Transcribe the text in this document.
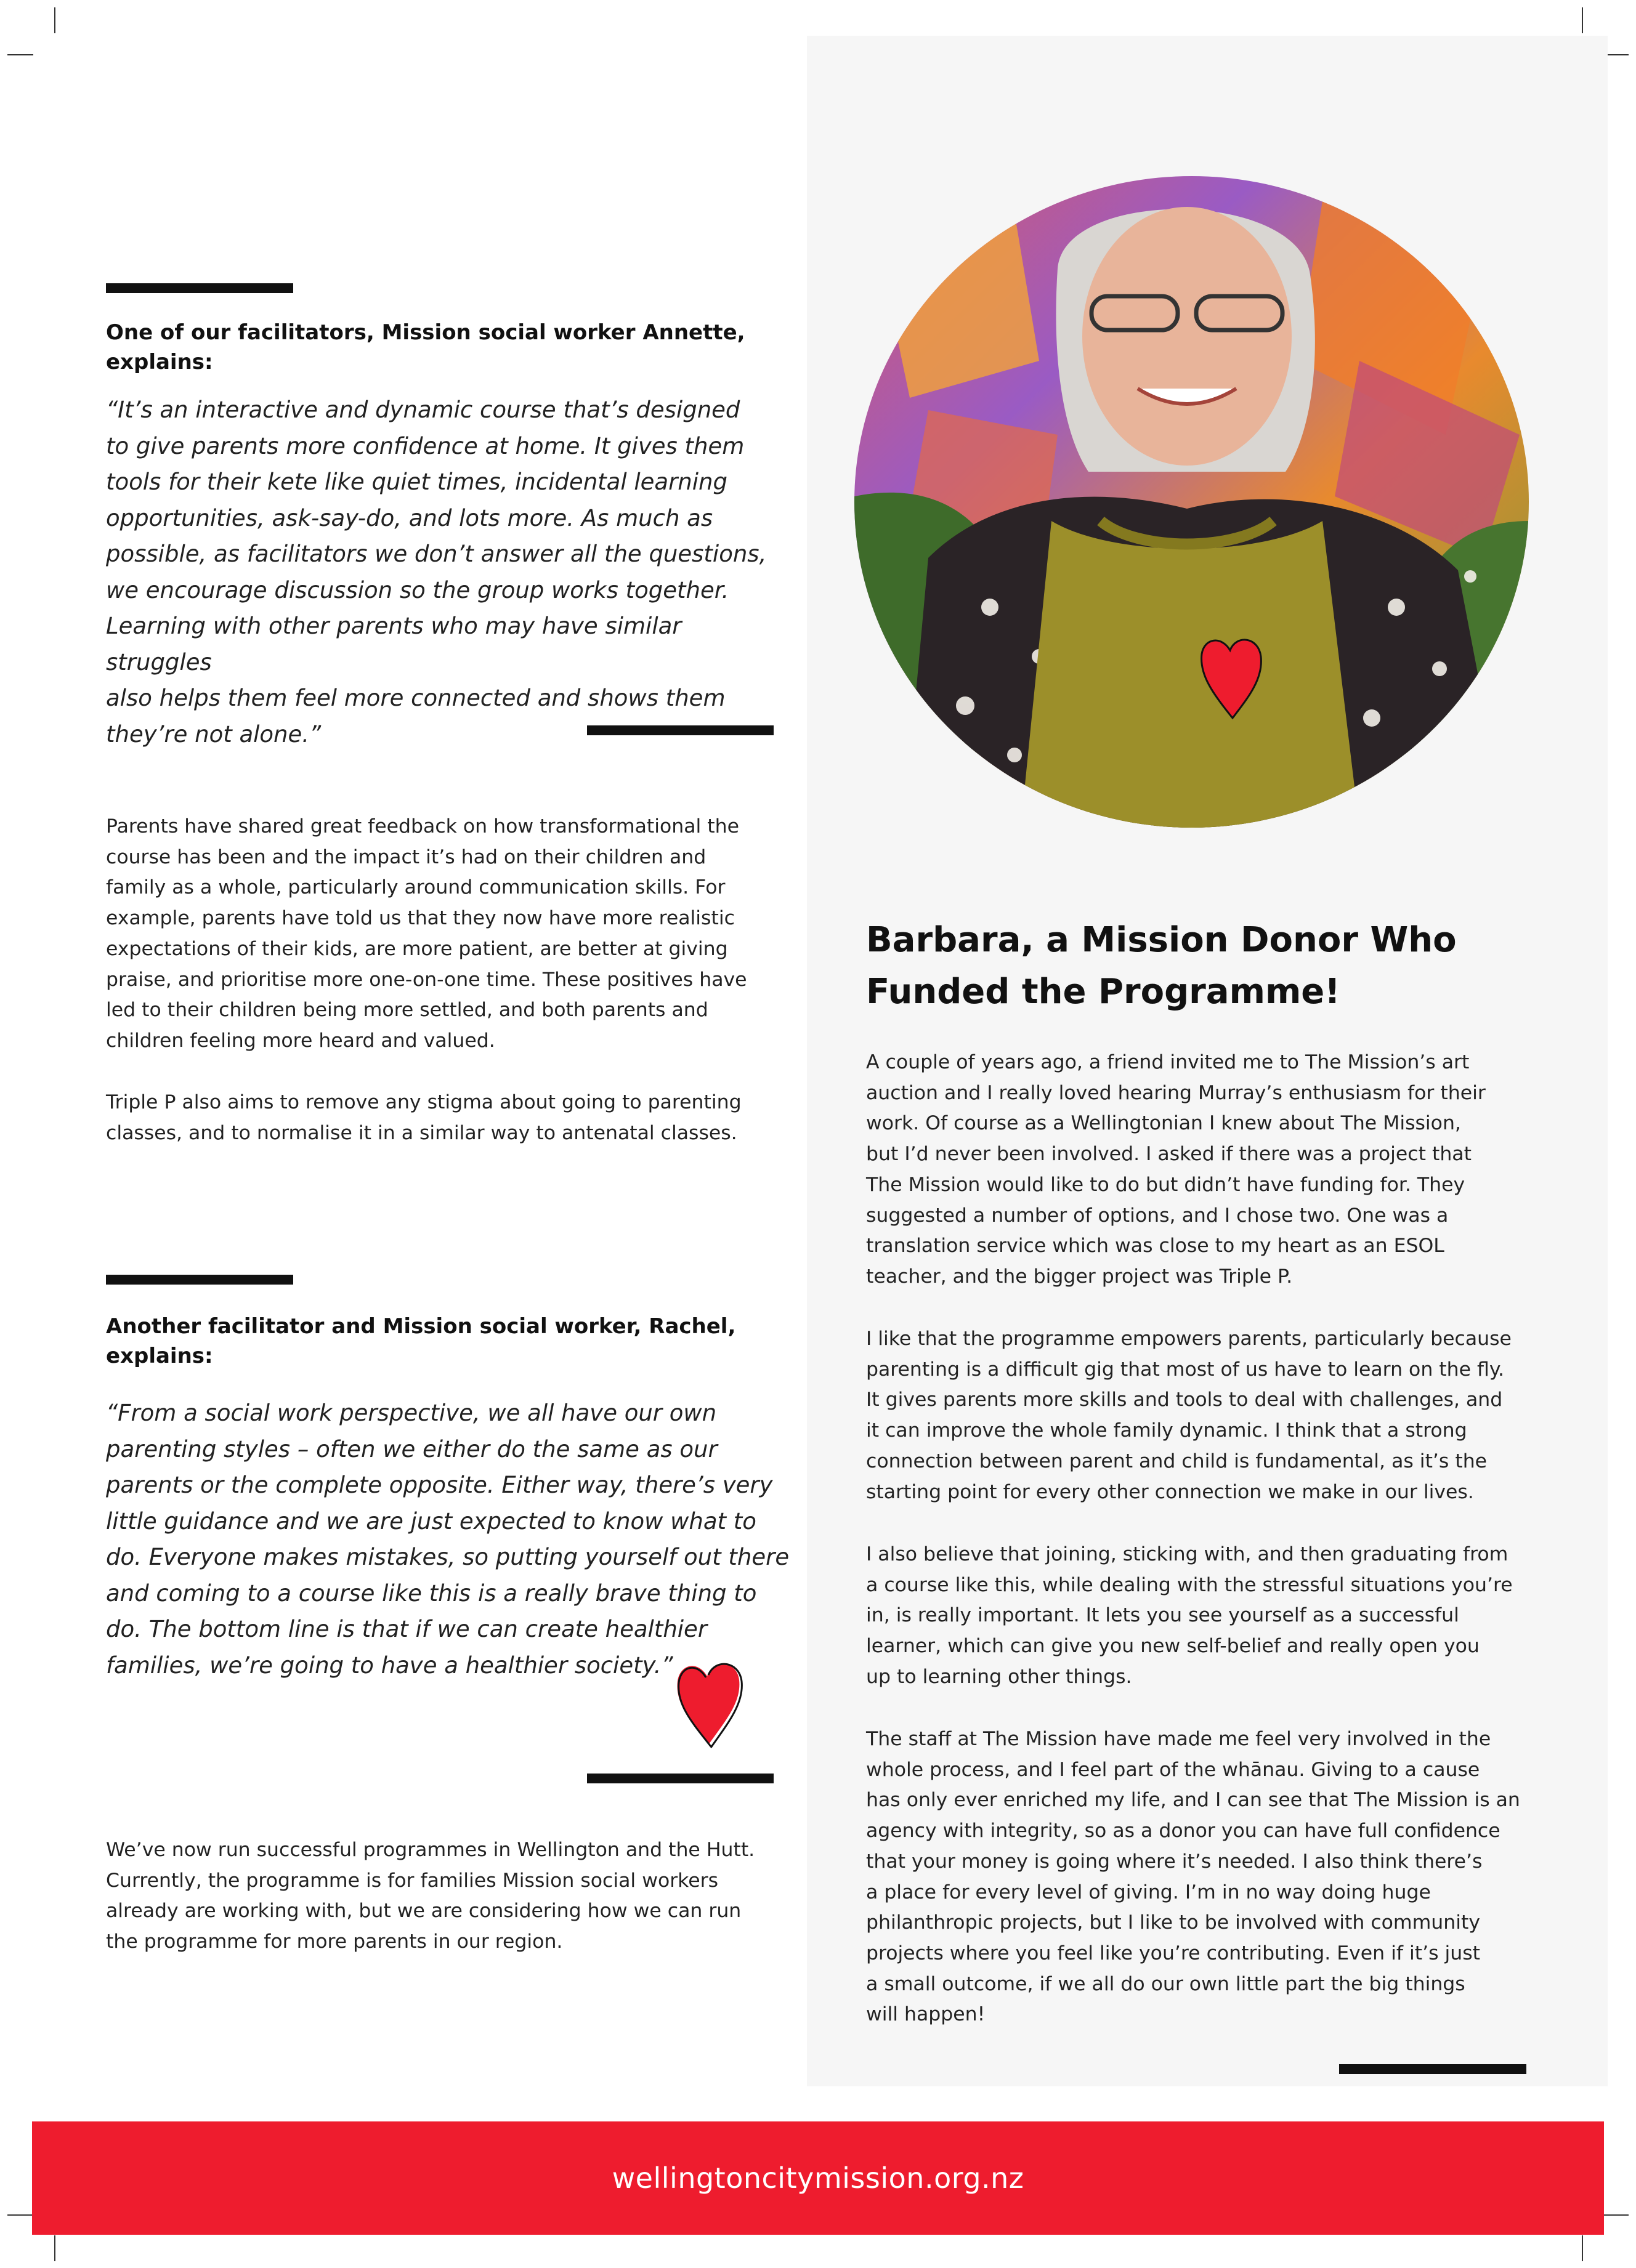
One of our facilitators, Mission social worker Annette, explains:
“It’s an interactive and dynamic course that’s designed
to give parents more confidence at home. It gives them
tools for their kete like quiet times, incidental learning
opportunities, ask-say-do, and lots more. As much as
possible, as facilitators we don’t answer all the questions,
we encourage discussion so the group works together.
Learning with other parents who may have similar struggles
also helps them feel more connected and shows them
they’re not alone.”
Parents have shared great feedback on how transformational the
course has been and the impact it’s had on their children and
family as a whole, particularly around communication skills. For
example, parents have told us that they now have more realistic
expectations of their kids, are more patient, are better at giving
praise, and prioritise more one-on-one time. These positives have
led to their children being more settled, and both parents and
children feeling more heard and valued.
Triple P also aims to remove any stigma about going to parenting
classes, and to normalise it in a similar way to antenatal classes.
Another facilitator and Mission social worker, Rachel, explains:
“From a social work perspective, we all have our own
parenting styles – often we either do the same as our
parents or the complete opposite. Either way, there’s very
little guidance and we are just expected to know what to
do. Everyone makes mistakes, so putting yourself out there
and coming to a course like this is a really brave thing to
do. The bottom line is that if we can create healthier
families, we’re going to have a healthier society.”
We’ve now run successful programmes in Wellington and the Hutt.
Currently, the programme is for families Mission social workers
already are working with, but we are considering how we can run
the programme for more parents in our region.
Barbara, a Mission Donor Who
Funded the Programme!
A couple of years ago, a friend invited me to The Mission’s art
auction and I really loved hearing Murray’s enthusiasm for their
work. Of course as a Wellingtonian I knew about The Mission,
but I’d never been involved. I asked if there was a project that
The Mission would like to do but didn’t have funding for. They
suggested a number of options, and I chose two. One was a
translation service which was close to my heart as an ESOL
teacher, and the bigger project was Triple P.
I like that the programme empowers parents, particularly because
parenting is a difficult gig that most of us have to learn on the fly.
It gives parents more skills and tools to deal with challenges, and
it can improve the whole family dynamic. I think that a strong
connection between parent and child is fundamental, as it’s the
starting point for every other connection we make in our lives.
I also believe that joining, sticking with, and then graduating from
a course like this, while dealing with the stressful situations you’re
in, is really important. It lets you see yourself as a successful
learner, which can give you new self-belief and really open you
up to learning other things.
The staff at The Mission have made me feel very involved in the
whole process, and I feel part of the whānau. Giving to a cause
has only ever enriched my life, and I can see that The Mission is an
agency with integrity, so as a donor you can have full confidence
that your money is going where it’s needed. I also think there’s
a place for every level of giving. I’m in no way doing huge
philanthropic projects, but I like to be involved with community
projects where you feel like you’re contributing. Even if it’s just
a small outcome, if we all do our own little part the big things
will happen!
wellingtoncitymission.org.nz
